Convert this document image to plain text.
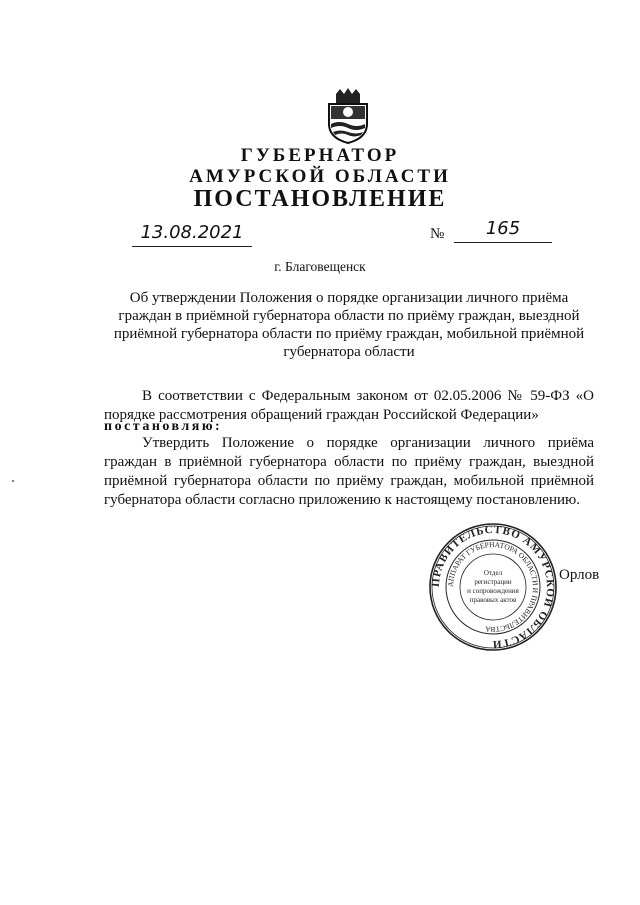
ГУБЕРНАТОР
АМУРСКОЙ ОБЛАСТИ
ПОСТАНОВЛЕНИЕ
13.08.2021	№	165
г. Благовещенск
Об утверждении Положения о порядке организации личного приёма граждан в приёмной губернатора области по приёму граждан, выездной приёмной губернатора области по приёму граждан, мобильной приёмной губернатора области
В соответствии с Федеральным законом от 02.05.2006 № 59-ФЗ «О порядке рассмотрения обращений граждан Российской Федерации»
постановляю:
Утвердить Положение о порядке организации личного приёма граждан в приёмной губернатора области по приёму граждан, выездной приёмной губернатора области по приёму граждан, мобильной приёмной губернатора области согласно приложению к настоящему постановлению.
ПРАВИТЕЛЬСТВО АМУРСКОЙ ОБЛАСТИ
АППАРАТ ГУБЕРНАТОРА ОБЛАСТИ И ПРАВИТЕЛЬСТВА
Отдел
регистрации
и сопровождения
правовых актов
Орлов
